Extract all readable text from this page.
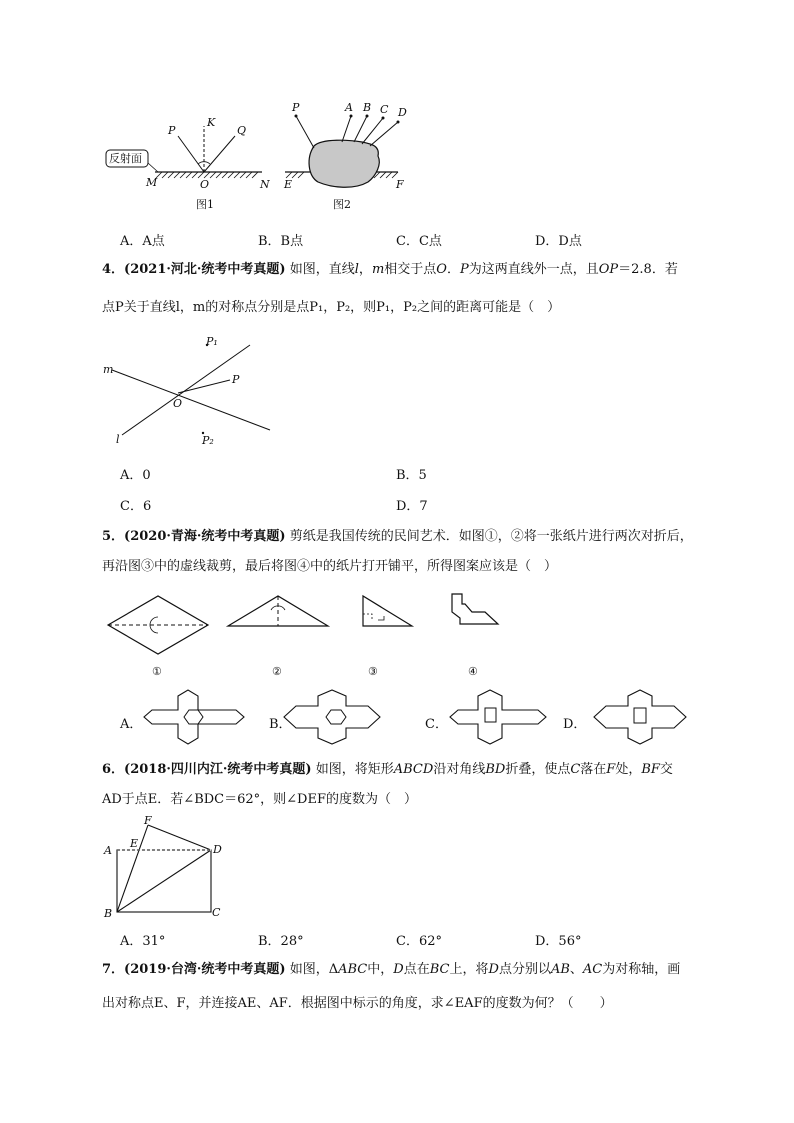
反射面
P
K
Q
M	O	N
图1
P	A B C D
E	F
图2
A．A点	B．B点	C．C点	D．D点
4．(2021·河北·统考中考真题) 如图，直线l，m相交于点O．P为这两直线外一点，且OP＝2.8．若
点P关于直线l，m的对称点分别是点P₁，P₂，则P₁，P₂之间的距离可能是（　）
m
l
O
P
P₁
P₂
A．0	B．5
C．6	D．7
5．(2020·青海·统考中考真题) 剪纸是我国传统的民间艺术．如图①，②将一张纸片进行两次对折后，
再沿图③中的虚线裁剪，最后将图④中的纸片打开铺平，所得图案应该是（　）
①	②	③	④
A．	B．	C．	D．
6．(2018·四川内江·统考中考真题) 如图，将矩形ABCD沿对角线BD折叠，使点C落在F处，BF交
AD于点E．若∠BDC＝62°，则∠DEF的度数为（　）
A
E
F
D
B	C
A．31°	B．28°	C．62°	D．56°
7．(2019·台湾·统考中考真题) 如图，ΔABC中，D点在BC上，将D点分别以AB、AC为对称轴，画
出对称点E、F，并连接AE、AF．根据图中标示的角度，求∠EAF的度数为何？（　　）
